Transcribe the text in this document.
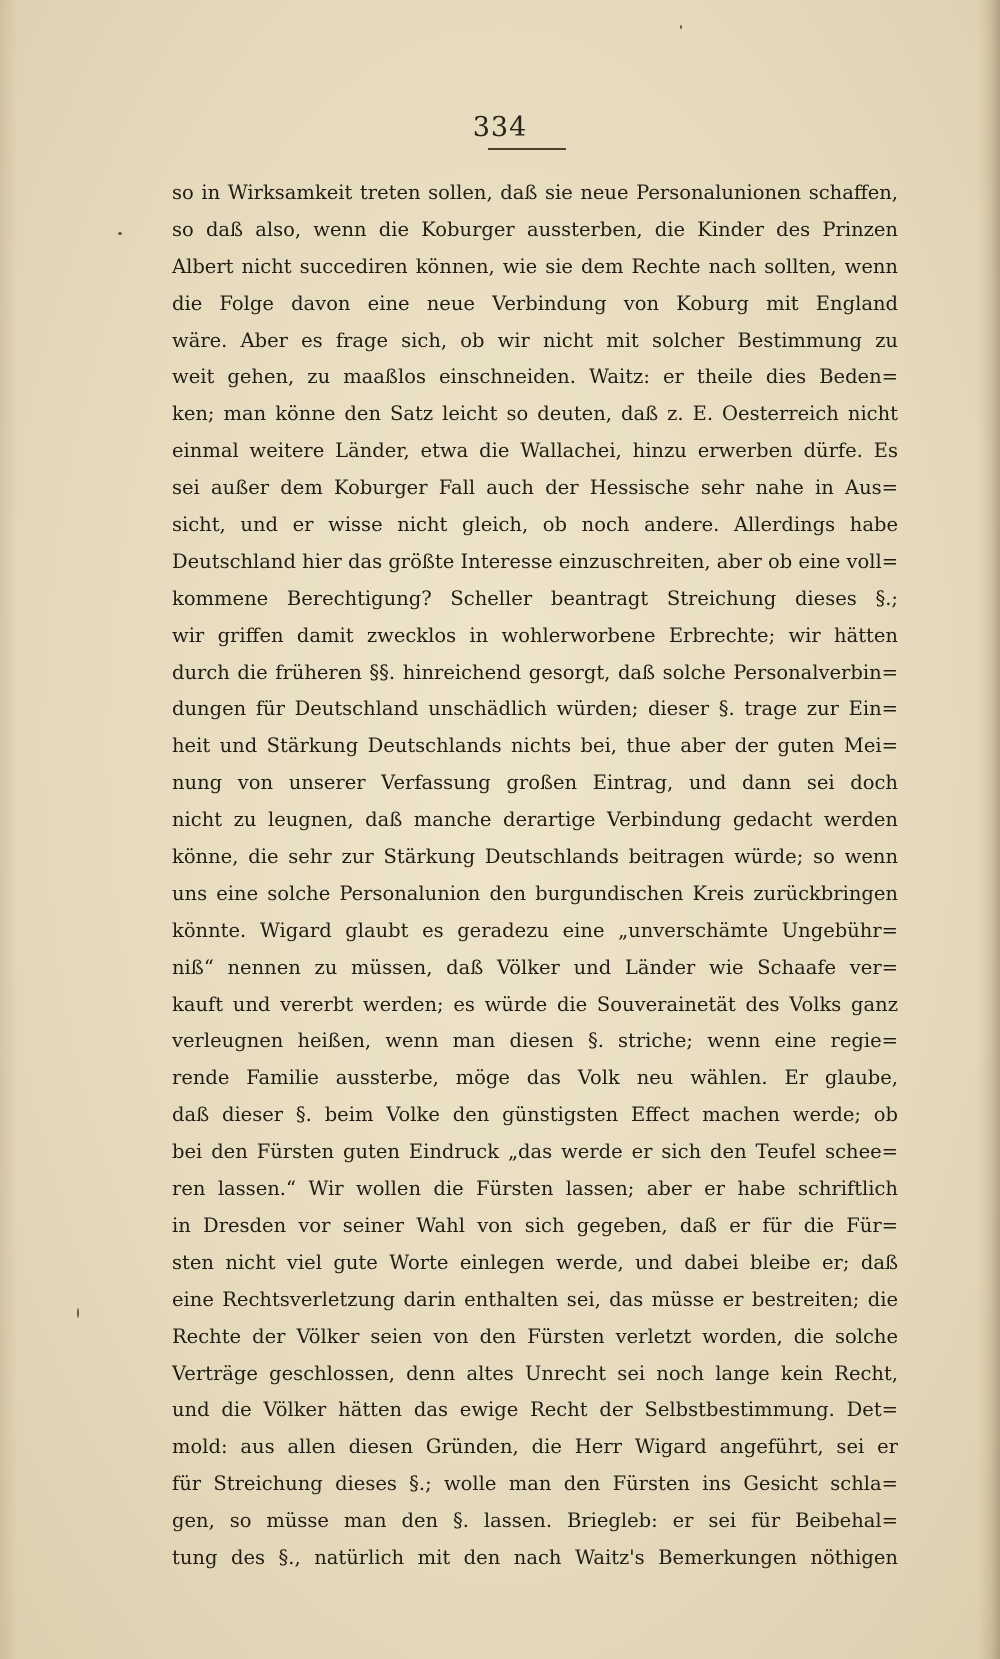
334
so in Wirksamkeit treten sollen, daß sie neue Personalunionen schaffen,
so daß also, wenn die Koburger aussterben, die Kinder des Prinzen
Albert nicht succediren können, wie sie dem Rechte nach sollten, wenn
die Folge davon eine neue Verbindung von Koburg mit England
wäre. Aber es frage sich, ob wir nicht mit solcher Bestimmung zu
weit gehen, zu maaßlos einschneiden. Waitz: er theile dies Beden=
ken; man könne den Satz leicht so deuten, daß z. E. Oesterreich nicht
einmal weitere Länder, etwa die Wallachei, hinzu erwerben dürfe. Es
sei außer dem Koburger Fall auch der Hessische sehr nahe in Aus=
sicht, und er wisse nicht gleich, ob noch andere. Allerdings habe
Deutschland hier das größte Interesse einzuschreiten, aber ob eine voll=
kommene Berechtigung? Scheller beantragt Streichung dieses §.;
wir griffen damit zwecklos in wohlerworbene Erbrechte; wir hätten
durch die früheren §§. hinreichend gesorgt, daß solche Personalverbin=
dungen für Deutschland unschädlich würden; dieser §. trage zur Ein=
heit und Stärkung Deutschlands nichts bei, thue aber der guten Mei=
nung von unserer Verfassung großen Eintrag, und dann sei doch
nicht zu leugnen, daß manche derartige Verbindung gedacht werden
könne, die sehr zur Stärkung Deutschlands beitragen würde; so wenn
uns eine solche Personalunion den burgundischen Kreis zurückbringen
könnte. Wigard glaubt es geradezu eine „unverschämte Ungebühr=
niß“ nennen zu müssen, daß Völker und Länder wie Schaafe ver=
kauft und vererbt werden; es würde die Souverainetät des Volks ganz
verleugnen heißen, wenn man diesen §. striche; wenn eine regie=
rende Familie aussterbe, möge das Volk neu wählen. Er glaube,
daß dieser §. beim Volke den günstigsten Effect machen werde; ob
bei den Fürsten guten Eindruck „das werde er sich den Teufel schee=
ren lassen.“ Wir wollen die Fürsten lassen; aber er habe schriftlich
in Dresden vor seiner Wahl von sich gegeben, daß er für die Für=
sten nicht viel gute Worte einlegen werde, und dabei bleibe er; daß
eine Rechtsverletzung darin enthalten sei, das müsse er bestreiten; die
Rechte der Völker seien von den Fürsten verletzt worden, die solche
Verträge geschlossen, denn altes Unrecht sei noch lange kein Recht,
und die Völker hätten das ewige Recht der Selbstbestimmung. Det=
mold: aus allen diesen Gründen, die Herr Wigard angeführt, sei er
für Streichung dieses §.; wolle man den Fürsten ins Gesicht schla=
gen, so müsse man den §. lassen. Briegleb: er sei für Beibehal=
tung des §., natürlich mit den nach Waitz's Bemerkungen nöthigen
